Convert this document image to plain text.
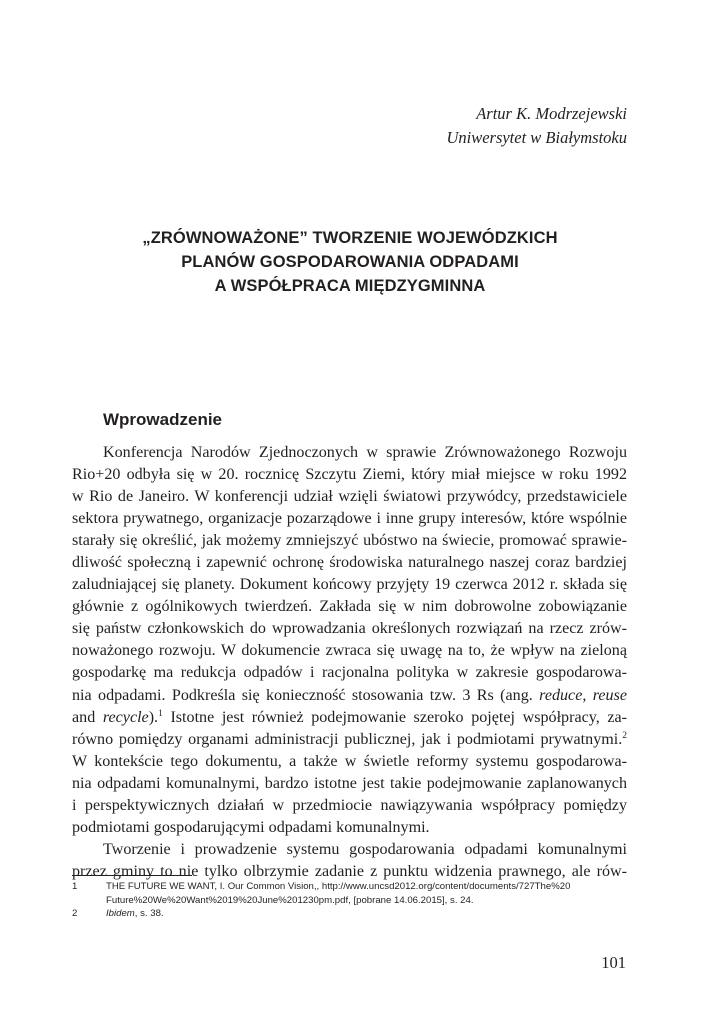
Artur K. Modrzejewski
Uniwersytet w Białymstoku
„ZRÓWNOWAŻONE” TWORZENIE WOJEWÓDZKICH
PLANÓW GOSPODAROWANIA ODPADAMI
A WSPÓŁPRACA MIĘDZYGMINNA
Wprowadzenie
Konferencja Narodów Zjednoczonych w sprawie Zrównoważonego Rozwoju
Rio+20 odbyła się w 20. rocznicę Szczytu Ziemi, który miał miejsce w roku 1992
w Rio de Janeiro. W konferencji udział wzięli światowi przywódcy, przedstawiciele
sektora prywatnego, organizacje pozarządowe i inne grupy interesów, które wspólnie
starały się określić, jak możemy zmniejszyć ubóstwo na świecie, promować sprawie-
dliwość społeczną i zapewnić ochronę środowiska naturalnego naszej coraz bardziej
zaludniającej się planety. Dokument końcowy przyjęty 19 czerwca 2012 r. składa się
głównie z ogólnikowych twierdzeń. Zakłada się w nim dobrowolne zobowiązanie
się państw członkowskich do wprowadzania określonych rozwiązań na rzecz zrów-
noważonego rozwoju. W dokumencie zwraca się uwagę na to, że wpływ na zieloną
gospodarkę ma redukcja odpadów i racjonalna polityka w zakresie gospodarowa-
nia odpadami. Podkreśla się konieczność stosowania tzw. 3 Rs (ang. reduce, reuse
and recycle).$^1$ Istotne jest również podejmowanie szeroko pojętej współpracy, za-
równo pomiędzy organami administracji publicznej, jak i podmiotami prywatnymi.$^2$
W kontekście tego dokumentu, a także w świetle reformy systemu gospodarowa-
nia odpadami komunalnymi, bardzo istotne jest takie podejmowanie zaplanowanych
i perspektywicznych działań w przedmiocie nawiązywania współpracy pomiędzy
podmiotami gospodarującymi odpadami komunalnymi.
Tworzenie i prowadzenie systemu gospodarowania odpadami komunalnymi
przez gminy to nie tylko olbrzymie zadanie z punktu widzenia prawnego, ale rów-
1	THE FUTURE WE WANT, I. Our Common Vision,, http://www.uncsd2012.org/content/documents/727The%20
Future%20We%20Want%2019%20June%201230pm.pdf, [pobrane 14.06.2015], s. 24.
2	Ibidem, s. 38.
101
